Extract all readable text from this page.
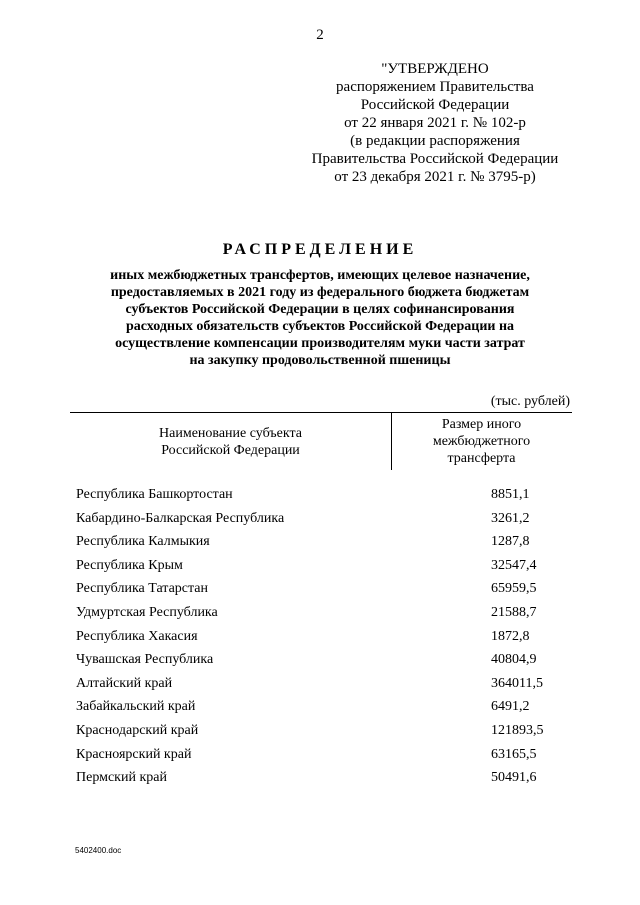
2
"УТВЕРЖДЕНО
распоряжением Правительства
Российской Федерации
от 22 января 2021 г. № 102-р
(в редакции распоряжения
Правительства Российской Федерации
от 23 декабря 2021 г. № 3795-р)
РАСПРЕДЕЛЕНИЕ
иных межбюджетных трансфертов, имеющих целевое назначение,
предоставляемых в 2021 году из федерального бюджета бюджетам
субъектов Российской Федерации в целях софинансирования
расходных обязательств субъектов Российской Федерации на
осуществление компенсации производителям муки части затрат
на закупку продовольственной пшеницы
(тыс. рублей)
Наименование субъекта
Российской Федерации
Размер иного
межбюджетного
трансферта
Республика Башкортостан	8851,1
Кабардино-Балкарская Республика	3261,2
Республика Калмыкия	1287,8
Республика Крым	32547,4
Республика Татарстан	65959,5
Удмуртская Республика	21588,7
Республика Хакасия	1872,8
Чувашская Республика	40804,9
Алтайский край	364011,5
Забайкальский край	6491,2
Краснодарский край	121893,5
Красноярский край	63165,5
Пермский край	50491,6
5402400.doc
